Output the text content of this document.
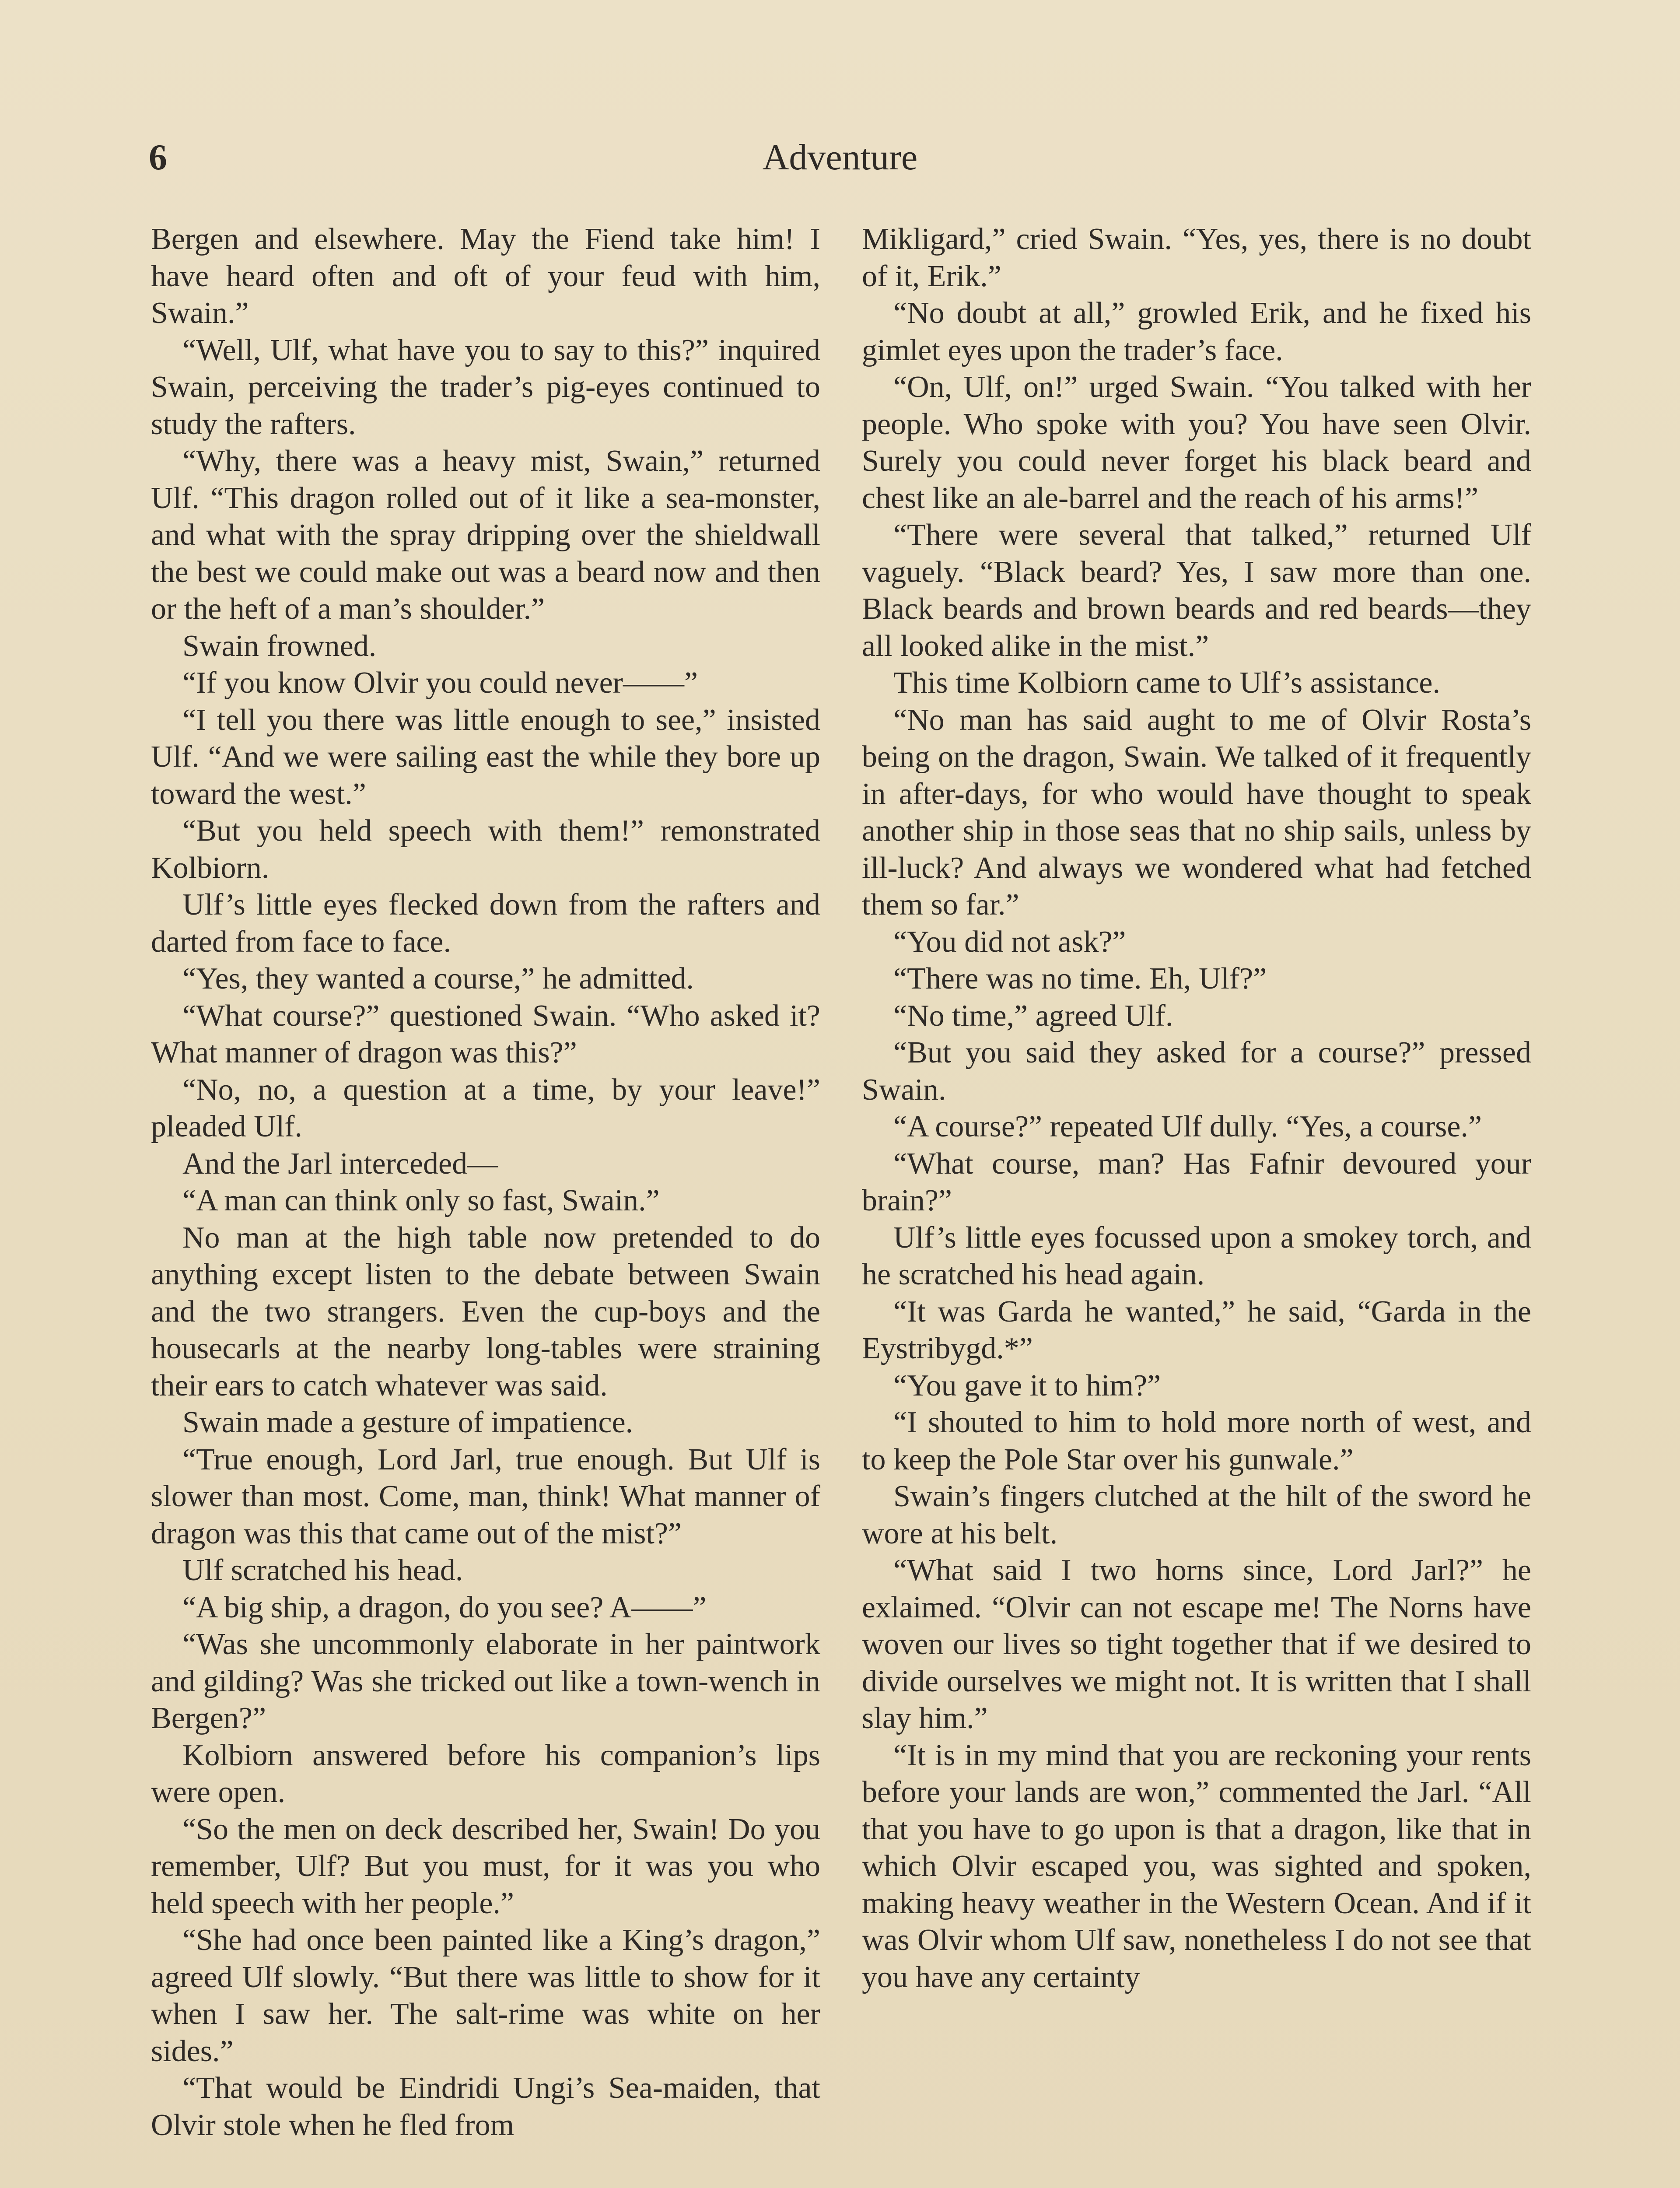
6	Adventure

Bergen and elsewhere. May the Fiend take him! I have heard often and oft of your feud with him, Swain.”

“Well, Ulf, what have you to say to this?” inquired Swain, perceiving the trader’s pig-eyes continued to study the rafters.

“Why, there was a heavy mist, Swain,” returned Ulf. “This dragon rolled out of it like a sea-monster, and what with the spray dripping over the shieldwall the best we could make out was a beard now and then or the heft of a man’s shoulder.”

Swain frowned.

“If you know Olvir you could never——”

“I tell you there was little enough to see,” insisted Ulf. “And we were sailing east the while they bore up toward the west.”

“But you held speech with them!” remonstrated Kolbiorn.

Ulf’s little eyes flecked down from the rafters and darted from face to face.

“Yes, they wanted a course,” he admitted.

“What course?” questioned Swain. “Who asked it? What manner of dragon was this?”

“No, no, a question at a time, by your leave!” pleaded Ulf.

And the Jarl interceded—

“A man can think only so fast, Swain.”

No man at the high table now pretended to do anything except listen to the debate between Swain and the two strangers. Even the cup-boys and the housecarls at the nearby long-tables were straining their ears to catch whatever was said.

Swain made a gesture of impatience.

“True enough, Lord Jarl, true enough. But Ulf is slower than most. Come, man, think! What manner of dragon was this that came out of the mist?”

Ulf scratched his head.

“A big ship, a dragon, do you see? A——”

“Was she uncommonly elaborate in her paintwork and gilding? Was she tricked out like a town-wench in Bergen?”

Kolbiorn answered before his companion’s lips were open.

“So the men on deck described her, Swain! Do you remember, Ulf? But you must, for it was you who held speech with her people.”

“She had once been painted like a King’s dragon,” agreed Ulf slowly. “But there was little to show for it when I saw her. The salt-rime was white on her sides.”

“That would be Eindridi Ungi’s Sea-maiden, that Olvir stole when he fled from

Mikligard,” cried Swain. “Yes, yes, there is no doubt of it, Erik.”

“No doubt at all,” growled Erik, and he fixed his gimlet eyes upon the trader’s face.

“On, Ulf, on!” urged Swain. “You talked with her people. Who spoke with you? You have seen Olvir. Surely you could never forget his black beard and chest like an ale-barrel and the reach of his arms!”

“There were several that talked,” returned Ulf vaguely. “Black beard? Yes, I saw more than one. Black beards and brown beards and red beards—they all looked alike in the mist.”

This time Kolbiorn came to Ulf’s assistance.

“No man has said aught to me of Olvir Rosta’s being on the dragon, Swain. We talked of it frequently in after-days, for who would have thought to speak another ship in those seas that no ship sails, unless by ill-luck? And always we wondered what had fetched them so far.”

“You did not ask?”

“There was no time. Eh, Ulf?”

“No time,” agreed Ulf.

“But you said they asked for a course?” pressed Swain.

“A course?” repeated Ulf dully. “Yes, a course.”

“What course, man? Has Fafnir devoured your brain?”

Ulf’s little eyes focussed upon a smokey torch, and he scratched his head again.

“It was Garda he wanted,” he said, “Garda in the Eystribygd.*”

“You gave it to him?”

“I shouted to him to hold more north of west, and to keep the Pole Star over his gunwale.”

Swain’s fingers clutched at the hilt of the sword he wore at his belt.

“What said I two horns since, Lord Jarl?” he exlaimed. “Olvir can not escape me! The Norns have woven our lives so tight together that if we desired to divide ourselves we might not. It is written that I shall slay him.”

“It is in my mind that you are reckoning your rents before your lands are won,” commented the Jarl. “All that you have to go upon is that a dragon, like that in which Olvir escaped you, was sighted and spoken, making heavy weather in the Western Ocean. And if it was Olvir whom Ulf saw, nonetheless I do not see that you have any certainty
